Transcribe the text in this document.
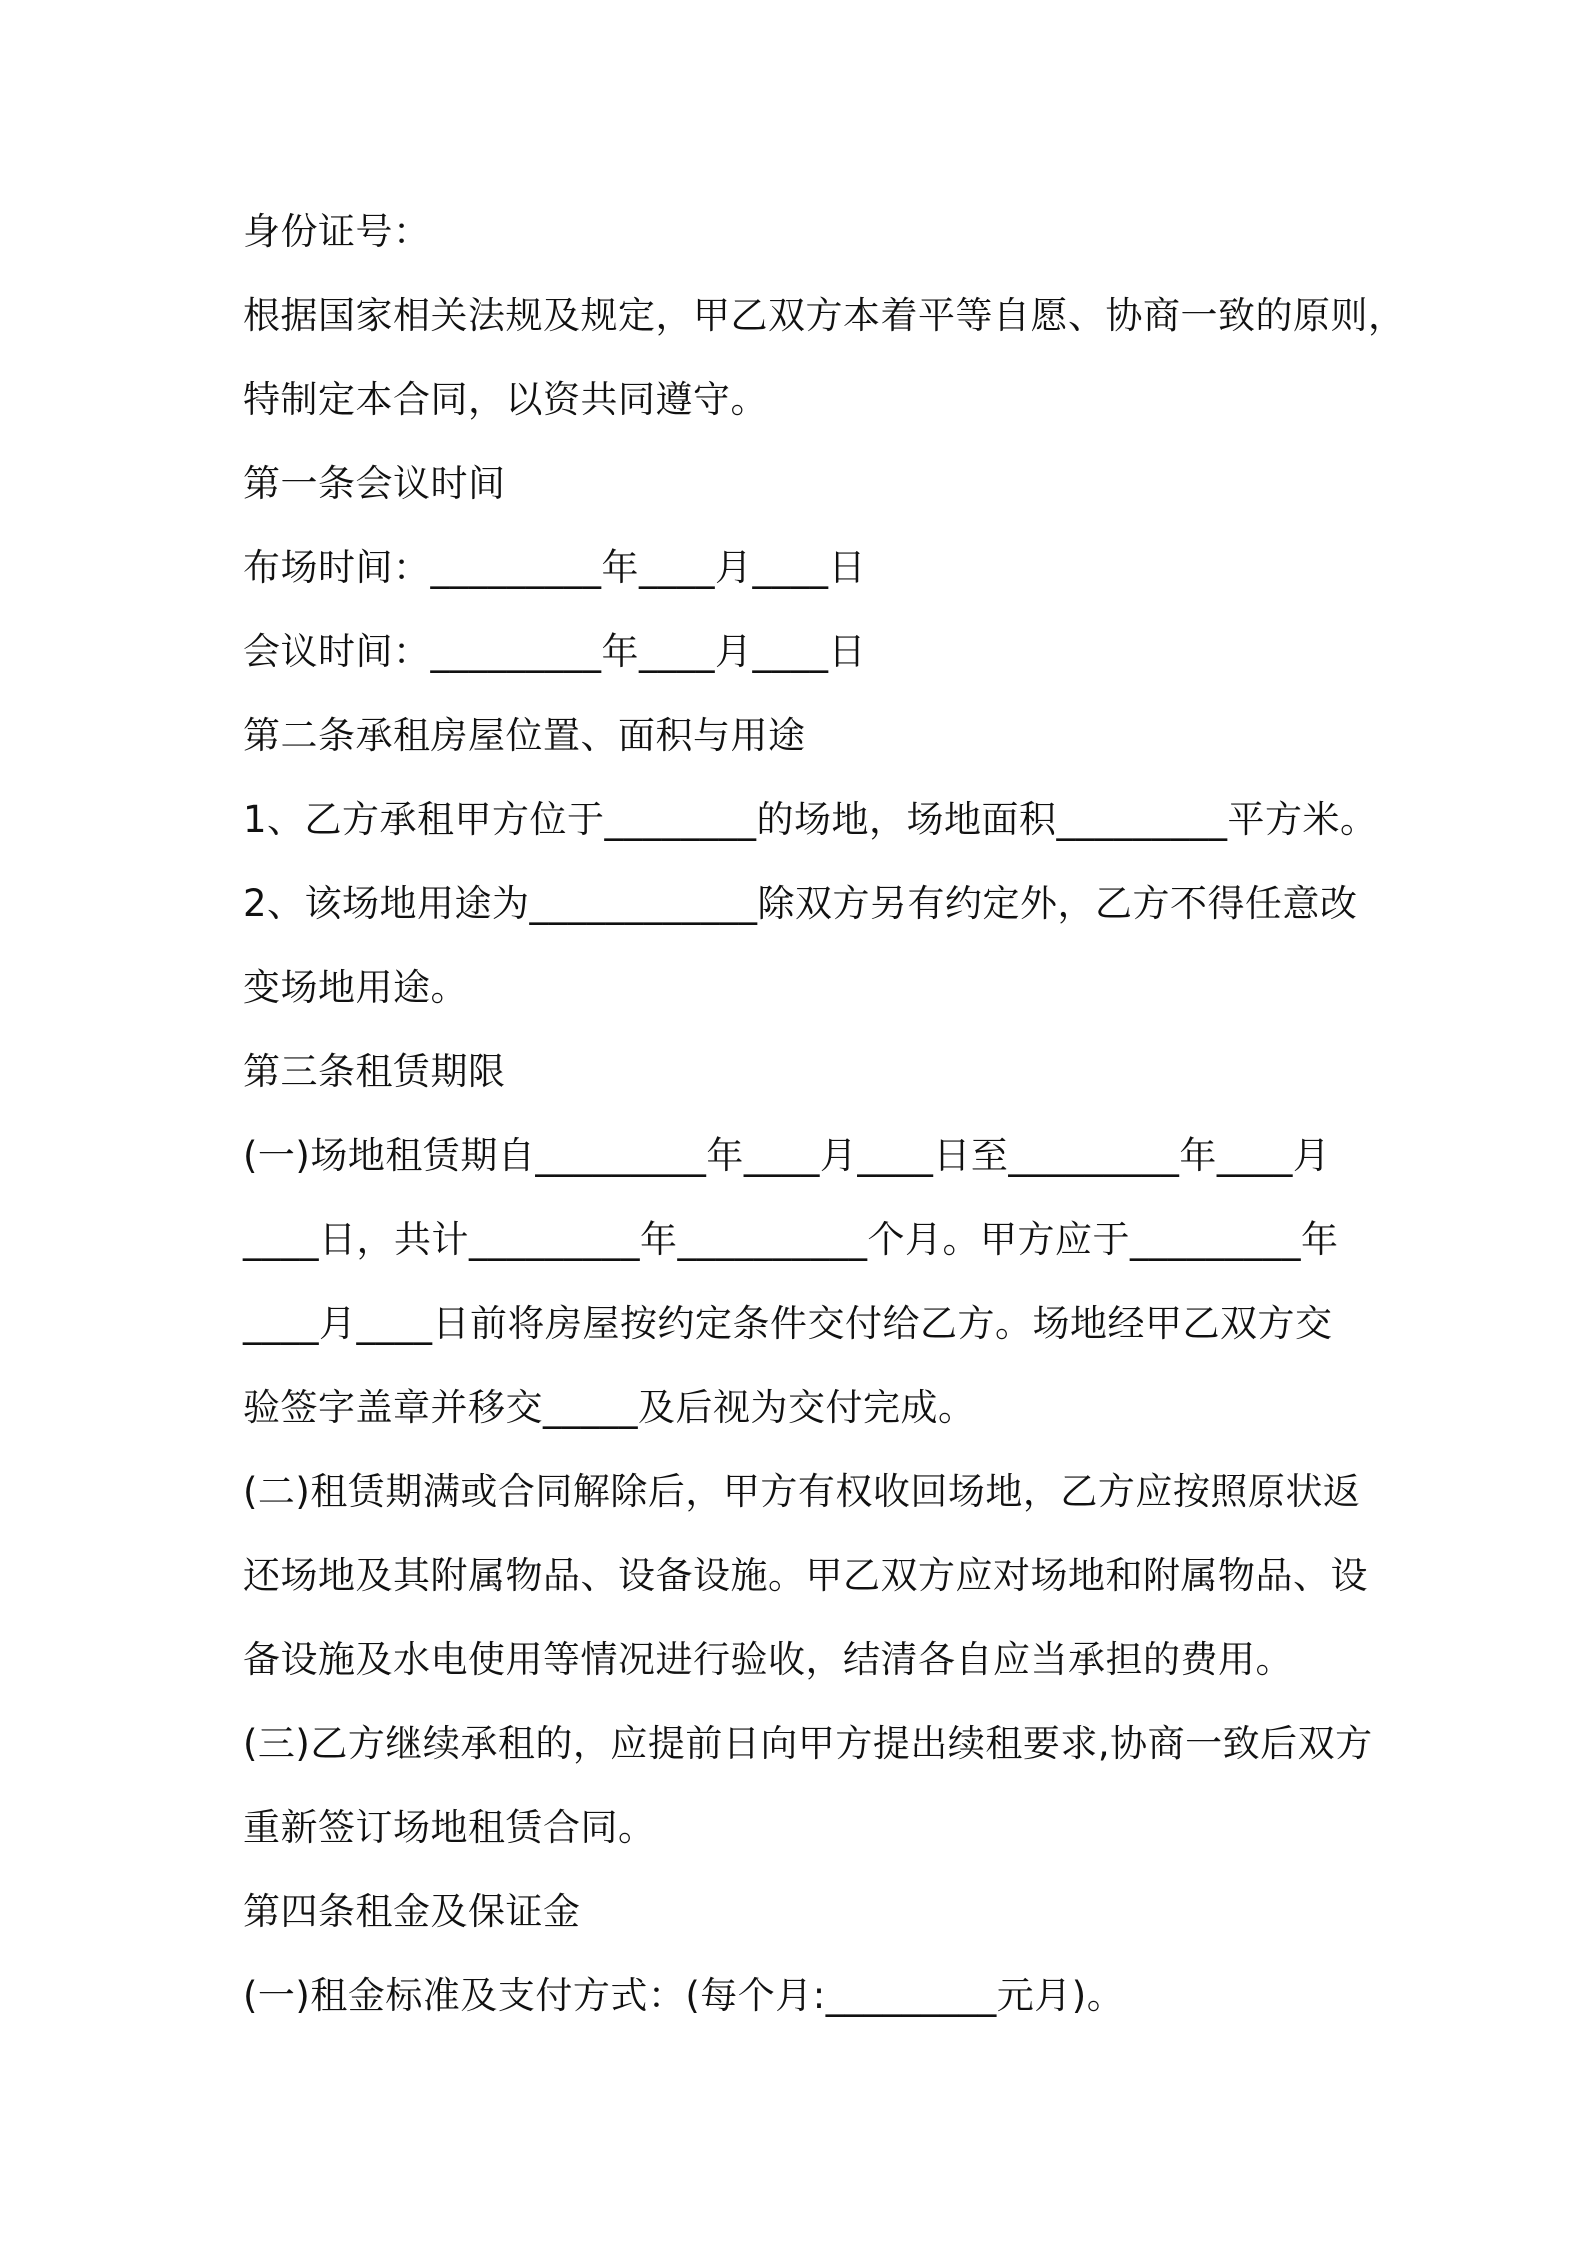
身份证号：
根据国家相关法规及规定，甲乙双方本着平等自愿、协商一致的原则，
特制定本合同，以资共同遵守。
第一条会议时间
布场时间：_________年____月____日
会议时间：_________年____月____日
第二条承租房屋位置、面积与用途
1、乙方承租甲方位于________的场地，场地面积_________平方米。
2、该场地用途为____________除双方另有约定外，乙方不得任意改
变场地用途。
第三条租赁期限
(一)场地租赁期自_________年____月____日至_________年____月
____日，共计_________年__________个月。甲方应于_________年
____月____日前将房屋按约定条件交付给乙方。场地经甲乙双方交
验签字盖章并移交_____及后视为交付完成。
(二)租赁期满或合同解除后，甲方有权收回场地，乙方应按照原状返
还场地及其附属物品、设备设施。甲乙双方应对场地和附属物品、设
备设施及水电使用等情况进行验收，结清各自应当承担的费用。
(三)乙方继续承租的，应提前日向甲方提出续租要求,协商一致后双方
重新签订场地租赁合同。
第四条租金及保证金
(一)租金标准及支付方式：(每个月:_________元月)。
